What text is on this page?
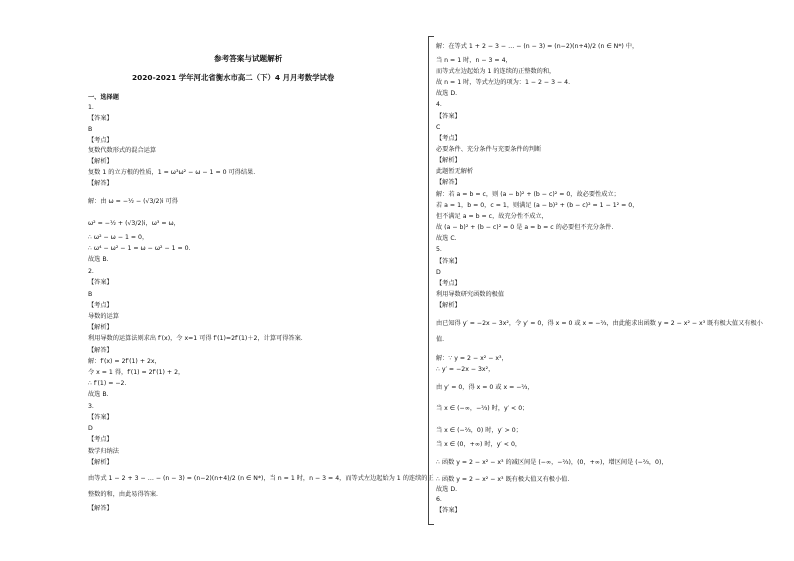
参考答案与试题解析
2020-2021 学年河北省衡水市高二（下）4 月月考数学试卷
一、选择题
1.
【答案】
B
【考点】
复数代数形式的混合运算
【解析】
复数 1 的立方根的性质，1 = ω³ω² − ω − 1 = 0 可得结果.
【解答】
解：由 ω = −½ − (√3/2)i 可得
ω² = −½ + (√3/2)i，ω³ = ω，
∴ ω² − ω − 1 = 0，
∴ ω⁴ − ω² − 1 = ω − ω² − 1 = 0.
故选 B.
2.
【答案】
B
【考点】
导数的运算
【解析】
利用导数的运算法则求出 f′(x)，令 x=1 可得 f′(1)=2f′(1)＋2，计算可得答案.
【解答】
解：f′(x) = 2f′(1) + 2x，
令 x = 1 得，f′(1) = 2f′(1) + 2，
∴ f′(1) = −2.
故选 B.
3.
【答案】
D
【考点】
数学归纳法
【解析】
由等式 1 − 2 + 3 − … − (n − 3) = (n−2)(n+4)/2 (n ∈ N*)，当 n = 1 时，n − 3 = 4，而等式左边起始为 1 的连续的正
整数的和，由此易得答案.
【解答】
解：在等式 1 + 2 − 3 − … − (n − 3) = (n−2)(n+4)/2 (n ∈ N*) 中，
当 n = 1 时，n − 3 = 4，
而等式左边起始为 1 的连续的正整数的和，
故 n = 1 时，等式左边的项为：1 − 2 − 3 − 4.
故选 D.
4.
【答案】
C
【考点】
必要条件、充分条件与充要条件的判断
【解析】
此题暂无解析
【解答】
解：若 a = b = c，则 (a − b)² + (b − c)² = 0，故必要性成立；
若 a = 1，b = 0，c = 1，则满足 (a − b)² + (b − c)² = 1 − 1² = 0，
但不满足 a = b = c，故充分性不成立，
故 (a − b)² + (b − c)² = 0 是 a = b = c 的必要但不充分条件.
故选 C.
5.
【答案】
D
【考点】
利用导数研究函数的极值
【解析】
由已知得 y′ = −2x − 3x²，令 y′ = 0，得 x = 0 或 x = −⅔，由此能求出函数 y = 2 − x² − x³ 既有极大值又有极小
值.
解：∵ y = 2 − x² − x³，
∴ y′ = −2x − 3x²，
由 y′ = 0，得 x = 0 或 x = −⅔，
当 x ∈ (−∞，−⅔) 时，y′ < 0；
当 x ∈ (−⅔，0) 时，y′ > 0；
当 x ∈ (0，+∞) 时，y′ < 0，
∴ 函数 y = 2 − x² − x³ 的减区间是 (−∞，−⅔)，(0，+∞)，增区间是 (−⅔，0)，
∴ 函数 y = 2 − x² − x³ 既有极大值又有极小值.
故选 D.
6.
【答案】
